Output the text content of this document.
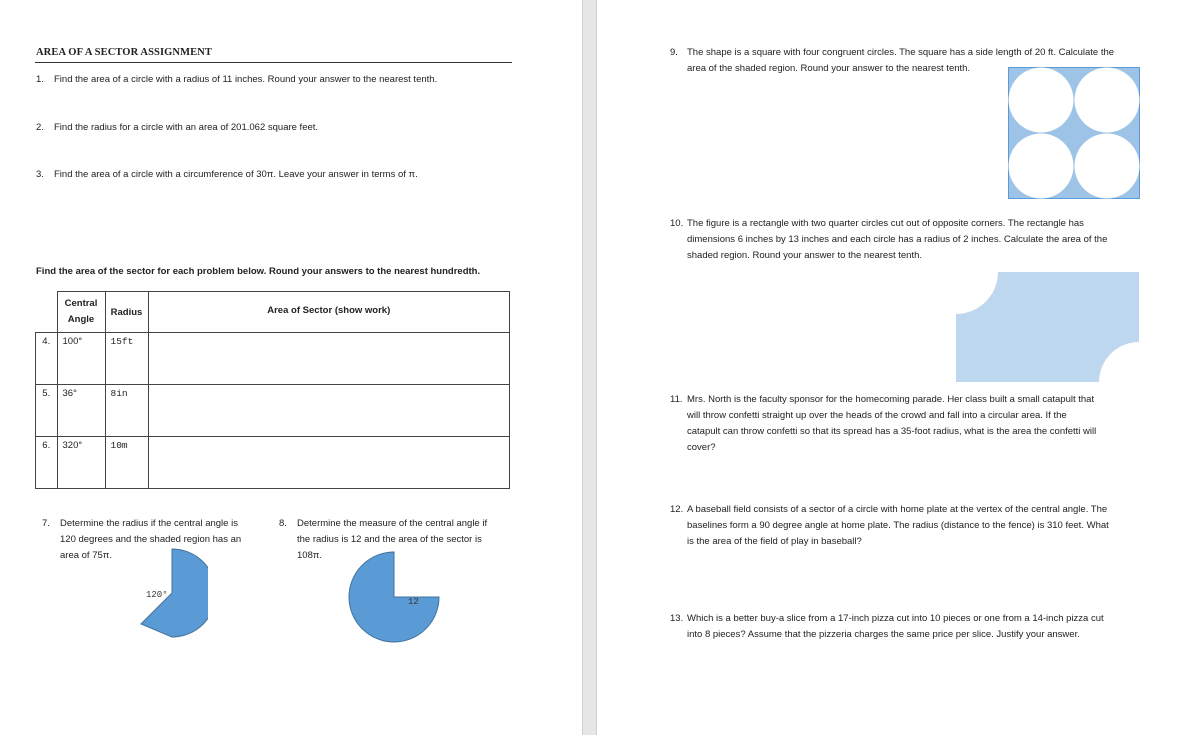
AREA OF A SECTOR ASSIGNMENT
1. Find the area of a circle with a radius of 11 inches. Round your answer to the nearest tenth.
2. Find the radius for a circle with an area of 201.062 square feet.
3. Find the area of a circle with a circumference of 30π. Leave your answer in terms of π.
Find the area of the sector for each problem below. Round your answers to the nearest hundredth.

	Central
Angle	Radius	Area of Sector (show work)
4.	100°	15ft	
5.	36°	8in	
6.	320°	10m	
7. Determine the radius if the central angle is
120 degrees and the shaded region has an
area of 75π.
120°
8. Determine the measure of the central angle if
the radius is 12 and the area of the sector is
108π.
12
9. The shape is a square with four congruent circles. The square has a side length of 20 ft. Calculate the
area of the shaded region. Round your answer to the nearest tenth.
10. The figure is a rectangle with two quarter circles cut out of opposite corners. The rectangle has
dimensions 6 inches by 13 inches and each circle has a radius of 2 inches. Calculate the area of the
shaded region. Round your answer to the nearest tenth.
11. Mrs. North is the faculty sponsor for the homecoming parade. Her class built a small catapult that
will throw confetti straight up over the heads of the crowd and fall into a circular area. If the
catapult can throw confetti so that its spread has a 35-foot radius, what is the area the confetti will
cover?
12. A baseball field consists of a sector of a circle with home plate at the vertex of the central angle. The
baselines form a 90 degree angle at home plate. The radius (distance to the fence) is 310 feet. What
is the area of the field of play in baseball?
13. Which is a better buy-a slice from a 17-inch pizza cut into 10 pieces or one from a 14-inch pizza cut
into 8 pieces? Assume that the pizzeria charges the same price per slice. Justify your answer.
